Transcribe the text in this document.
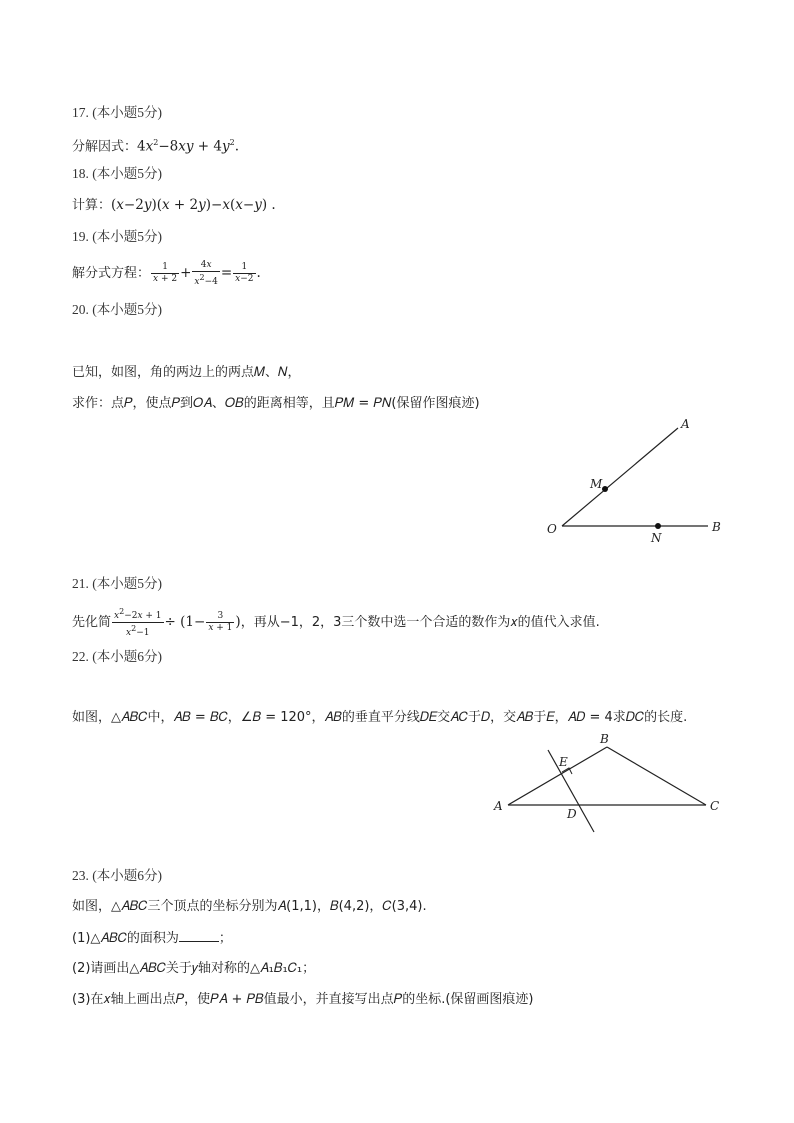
17. (本小题5分)
分解因式：$4x^2-8xy + 4y^2$.
18. (本小题5分)
计算：(x−2y)(x + 2y)−x(x−y) .
19. (本小题5分)
解分式方程： $\frac{1}{x + 2} + \frac{4x}{x^2-4} = \frac{1}{x-2}$ .
20. (本小题5分)
已知，如图，角的两边上的两点𝑀、𝑁，
求作：点𝑃，使点𝑃到𝑂𝐴、𝑂𝐵的距离相等，且𝑃𝑀 = 𝑃𝑁(保留作图痕迹)
A
B
O
M
N
21. (本小题5分)
先化简 $\frac{x^2-2x + 1}{x^2-1} \div (1- \frac{3}{x + 1}$ )，再从−1，2，3三个数中选一个合适的数作为𝑥的值代入求值.
22. (本小题6分)
如图，△𝐴𝐵𝐶中，𝐴𝐵 = 𝐵𝐶，∠𝐵 = 120°，𝐴𝐵的垂直平分线𝐷𝐸交𝐴𝐶于𝐷，交𝐴𝐵于𝐸，𝐴𝐷 = 4求𝐷𝐶的长度.
A
B
C
D
E
23. (本小题6分)
如图，△𝐴𝐵𝐶三个顶点的坐标分别为𝐴(1,1)，𝐵(4,2)，𝐶(3,4).
(1)△𝐴𝐵𝐶的面积为	；
(2)请画出△𝐴𝐵𝐶关于𝑦轴对称的△𝐴₁𝐵₁𝐶₁；
(3)在𝑥轴上画出点𝑃，使𝑃𝐴 + 𝑃𝐵值最小，并直接写出点𝑃的坐标.(保留画图痕迹)
